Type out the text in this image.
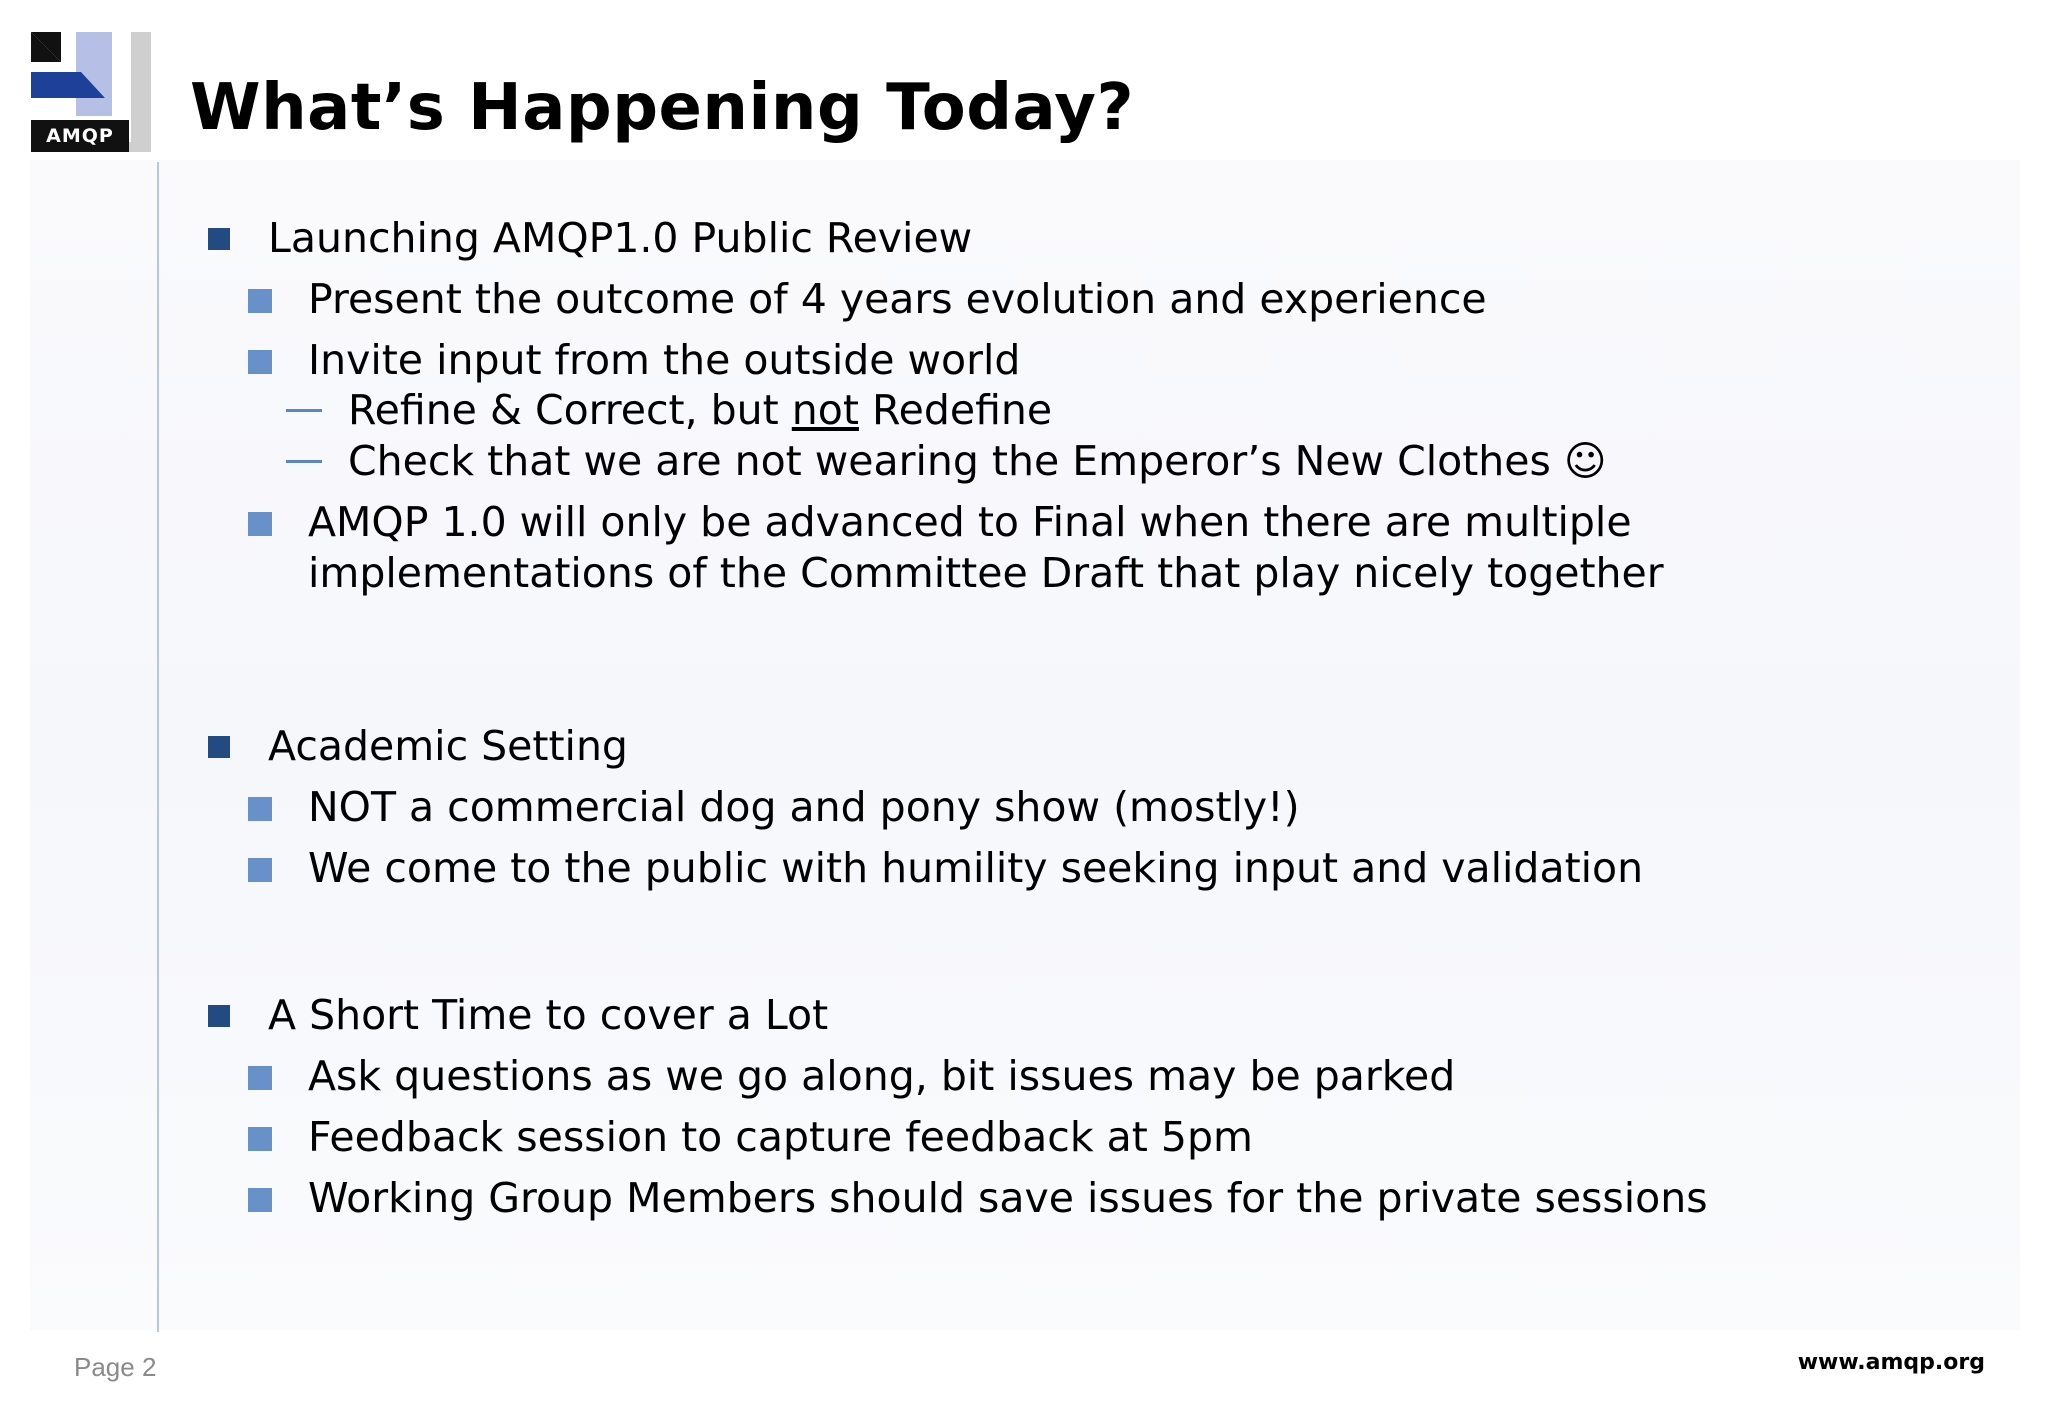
AMQP What’s Happening Today?
Launching AMQP1.0 Public Review
Present the outcome of 4 years evolution and experience
Invite input from the outside world
Refine & Correct, but not Redefine
Check that we are not wearing the Emperor’s New Clothes ☺
AMQP 1.0 will only be advanced to Final when there are multiple
implementations of the Committee Draft that play nicely together
Academic Setting
NOT a commercial dog and pony show (mostly!)
We come to the public with humility seeking input and validation
A Short Time to cover a Lot
Ask questions as we go along, bit issues may be parked
Feedback session to capture feedback at 5pm
Working Group Members should save issues for the private sessions
Page 2	www.amqp.org
